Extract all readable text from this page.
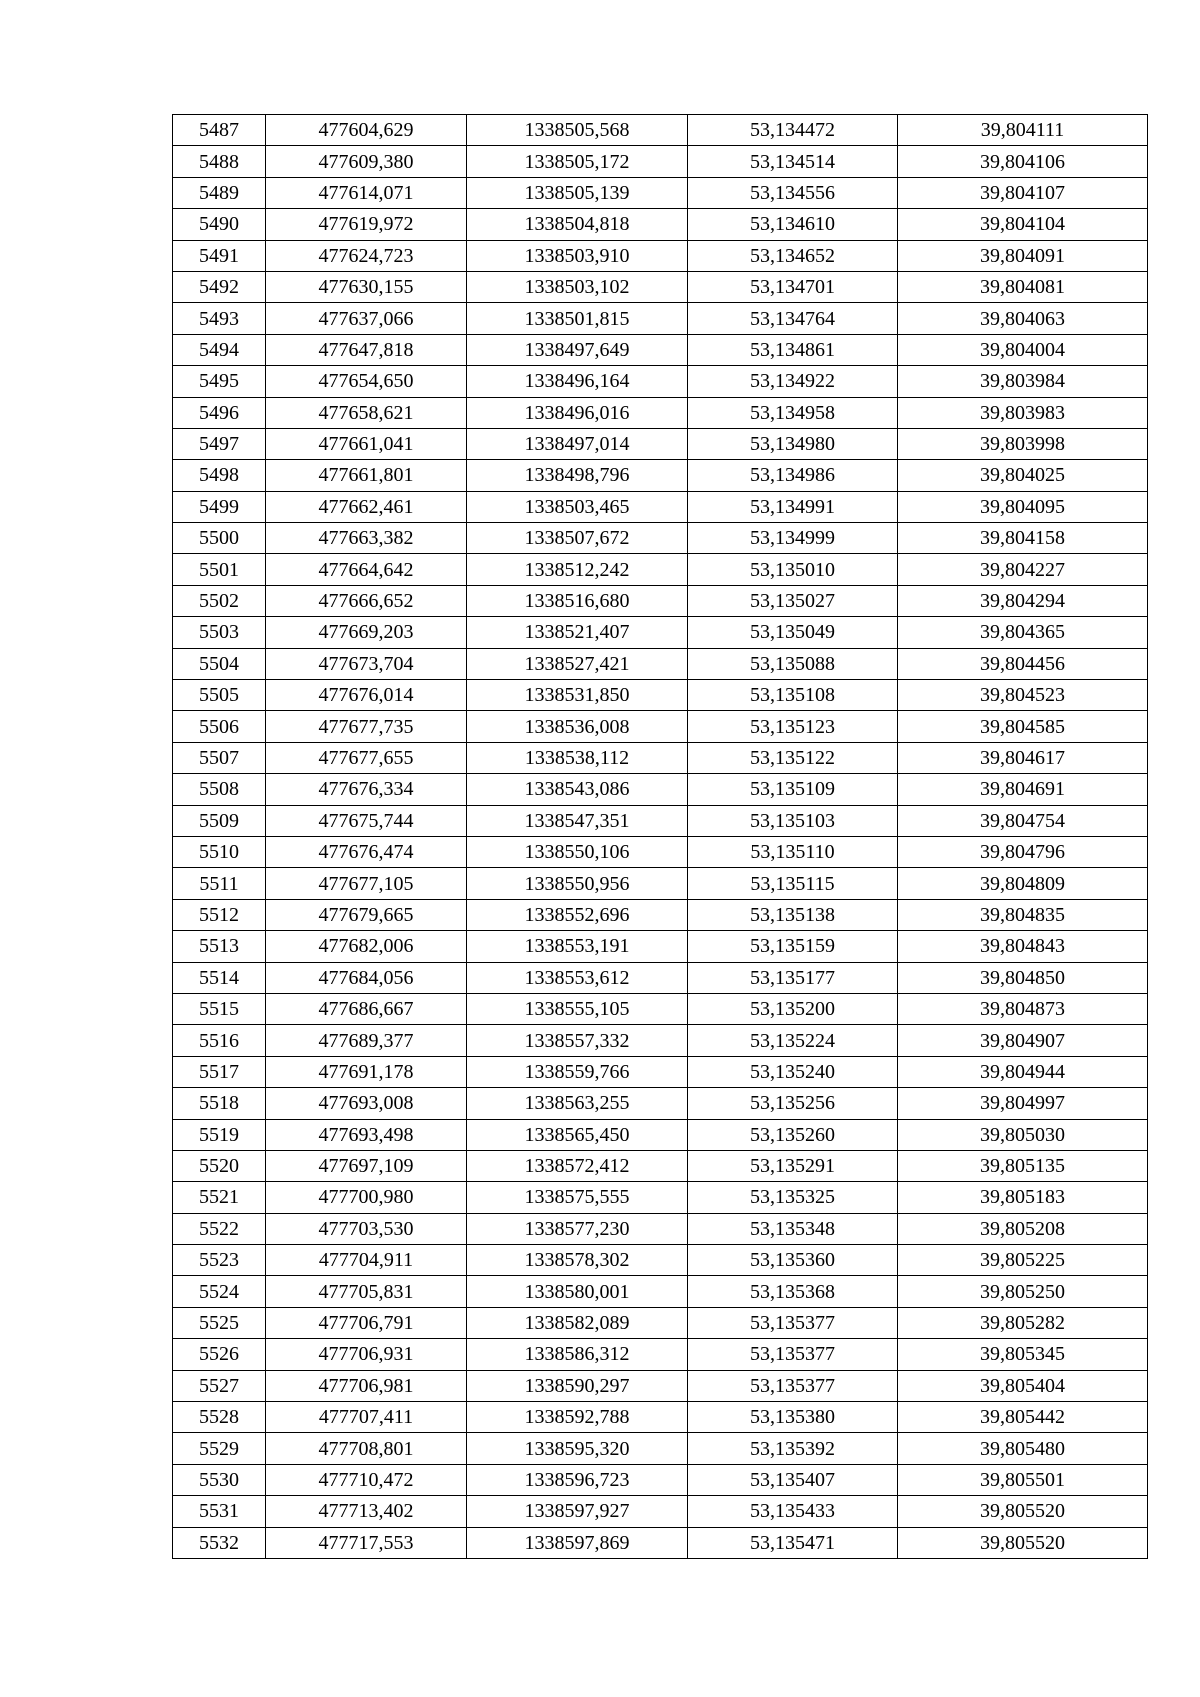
5487	477604,629	1338505,568	53,134472	39,804111
5488	477609,380	1338505,172	53,134514	39,804106
5489	477614,071	1338505,139	53,134556	39,804107
5490	477619,972	1338504,818	53,134610	39,804104
5491	477624,723	1338503,910	53,134652	39,804091
5492	477630,155	1338503,102	53,134701	39,804081
5493	477637,066	1338501,815	53,134764	39,804063
5494	477647,818	1338497,649	53,134861	39,804004
5495	477654,650	1338496,164	53,134922	39,803984
5496	477658,621	1338496,016	53,134958	39,803983
5497	477661,041	1338497,014	53,134980	39,803998
5498	477661,801	1338498,796	53,134986	39,804025
5499	477662,461	1338503,465	53,134991	39,804095
5500	477663,382	1338507,672	53,134999	39,804158
5501	477664,642	1338512,242	53,135010	39,804227
5502	477666,652	1338516,680	53,135027	39,804294
5503	477669,203	1338521,407	53,135049	39,804365
5504	477673,704	1338527,421	53,135088	39,804456
5505	477676,014	1338531,850	53,135108	39,804523
5506	477677,735	1338536,008	53,135123	39,804585
5507	477677,655	1338538,112	53,135122	39,804617
5508	477676,334	1338543,086	53,135109	39,804691
5509	477675,744	1338547,351	53,135103	39,804754
5510	477676,474	1338550,106	53,135110	39,804796
5511	477677,105	1338550,956	53,135115	39,804809
5512	477679,665	1338552,696	53,135138	39,804835
5513	477682,006	1338553,191	53,135159	39,804843
5514	477684,056	1338553,612	53,135177	39,804850
5515	477686,667	1338555,105	53,135200	39,804873
5516	477689,377	1338557,332	53,135224	39,804907
5517	477691,178	1338559,766	53,135240	39,804944
5518	477693,008	1338563,255	53,135256	39,804997
5519	477693,498	1338565,450	53,135260	39,805030
5520	477697,109	1338572,412	53,135291	39,805135
5521	477700,980	1338575,555	53,135325	39,805183
5522	477703,530	1338577,230	53,135348	39,805208
5523	477704,911	1338578,302	53,135360	39,805225
5524	477705,831	1338580,001	53,135368	39,805250
5525	477706,791	1338582,089	53,135377	39,805282
5526	477706,931	1338586,312	53,135377	39,805345
5527	477706,981	1338590,297	53,135377	39,805404
5528	477707,411	1338592,788	53,135380	39,805442
5529	477708,801	1338595,320	53,135392	39,805480
5530	477710,472	1338596,723	53,135407	39,805501
5531	477713,402	1338597,927	53,135433	39,805520
5532	477717,553	1338597,869	53,135471	39,805520
